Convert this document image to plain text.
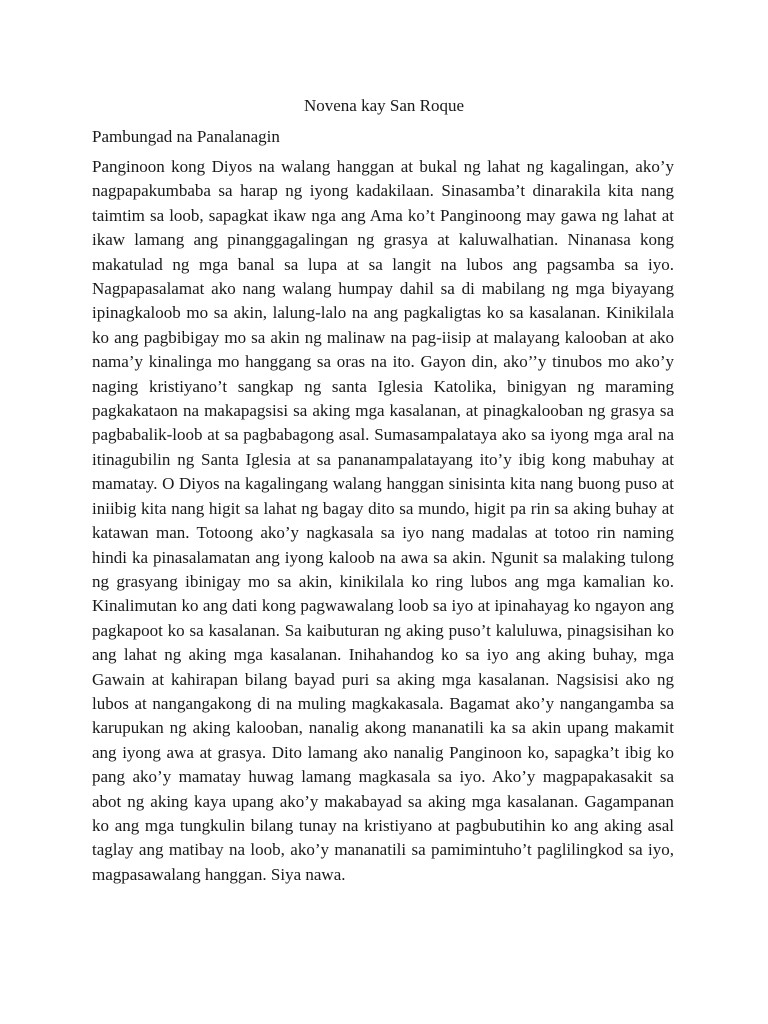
Novena kay San Roque
Pambungad na Panalanagin

Panginoon kong Diyos na walang hanggan at bukal ng lahat ng kagalingan, ako’y nagpapakumbaba sa harap ng iyong kadakilaan. Sinasamba’t dinarakila kita nang taimtim sa loob, sapagkat ikaw nga ang Ama ko’t Panginoong may gawa ng lahat at ikaw lamang ang pinanggagalingan ng grasya at kaluwalhatian. Ninanasa kong makatulad ng mga banal sa lupa at sa langit na lubos ang pagsamba sa iyo. Nagpapasalamat ako nang walang humpay dahil sa di mabilang ng mga biyayang ipinagkaloob mo sa akin, lalung-lalo na ang pagkaligtas ko sa kasalanan. Kinikilala ko ang pagbibigay mo sa akin ng malinaw na pag-iisip at malayang kalooban at ako nama’y kinalinga mo hanggang sa oras na ito. Gayon din, ako’’y tinubos mo ako’y naging kristiyano’t sangkap ng santa Iglesia Katolika, binigyan ng maraming pagkakataon na makapagsisi sa aking mga kasalanan, at pinagkalooban ng grasya sa pagbabalik-loob at sa pagbabagong asal. Sumasampalataya ako sa iyong mga aral na itinagubilin ng Santa Iglesia at sa pananampalatayang ito’y ibig kong mabuhay at mamatay. O Diyos na kagalingang walang hanggan sinisinta kita nang buong puso at iniibig kita nang higit sa lahat ng bagay dito sa mundo, higit pa rin sa aking buhay at katawan man. Totoong ako’y nagkasala sa iyo nang madalas at totoo rin naming hindi ka pinasalamatan ang iyong kaloob na awa sa akin. Ngunit sa malaking tulong ng grasyang ibinigay mo sa akin, kinikilala ko ring lubos ang mga kamalian ko. Kinalimutan ko ang dati kong pagwawalang loob sa iyo at ipinahayag ko ngayon ang pagkapoot ko sa kasalanan. Sa kaibuturan ng aking puso’t kaluluwa, pinagsisihan ko ang lahat ng aking mga kasalanan. Inihahandog ko sa iyo ang aking buhay, mga Gawain at kahirapan bilang bayad puri sa aking mga kasalanan. Nagsisisi ako ng lubos at nangangakong di na muling magkakasala. Bagamat ako’y nangangamba sa karupukan ng aking kalooban, nanalig akong mananatili ka sa akin upang makamit ang iyong awa at grasya. Dito lamang ako nanalig Panginoon ko, sapagka’t ibig ko pang ako’y mamatay huwag lamang magkasala sa iyo. Ako’y magpapakasakit sa abot ng aking kaya upang ako’y makabayad sa aking mga kasalanan. Gagampanan ko ang mga tungkulin bilang tunay na kristiyano at pagbubutihin ko ang aking asal taglay ang matibay na loob, ako’y mananatili sa pamimintuho’t paglilingkod sa iyo, magpasawalang hanggan. Siya nawa.
